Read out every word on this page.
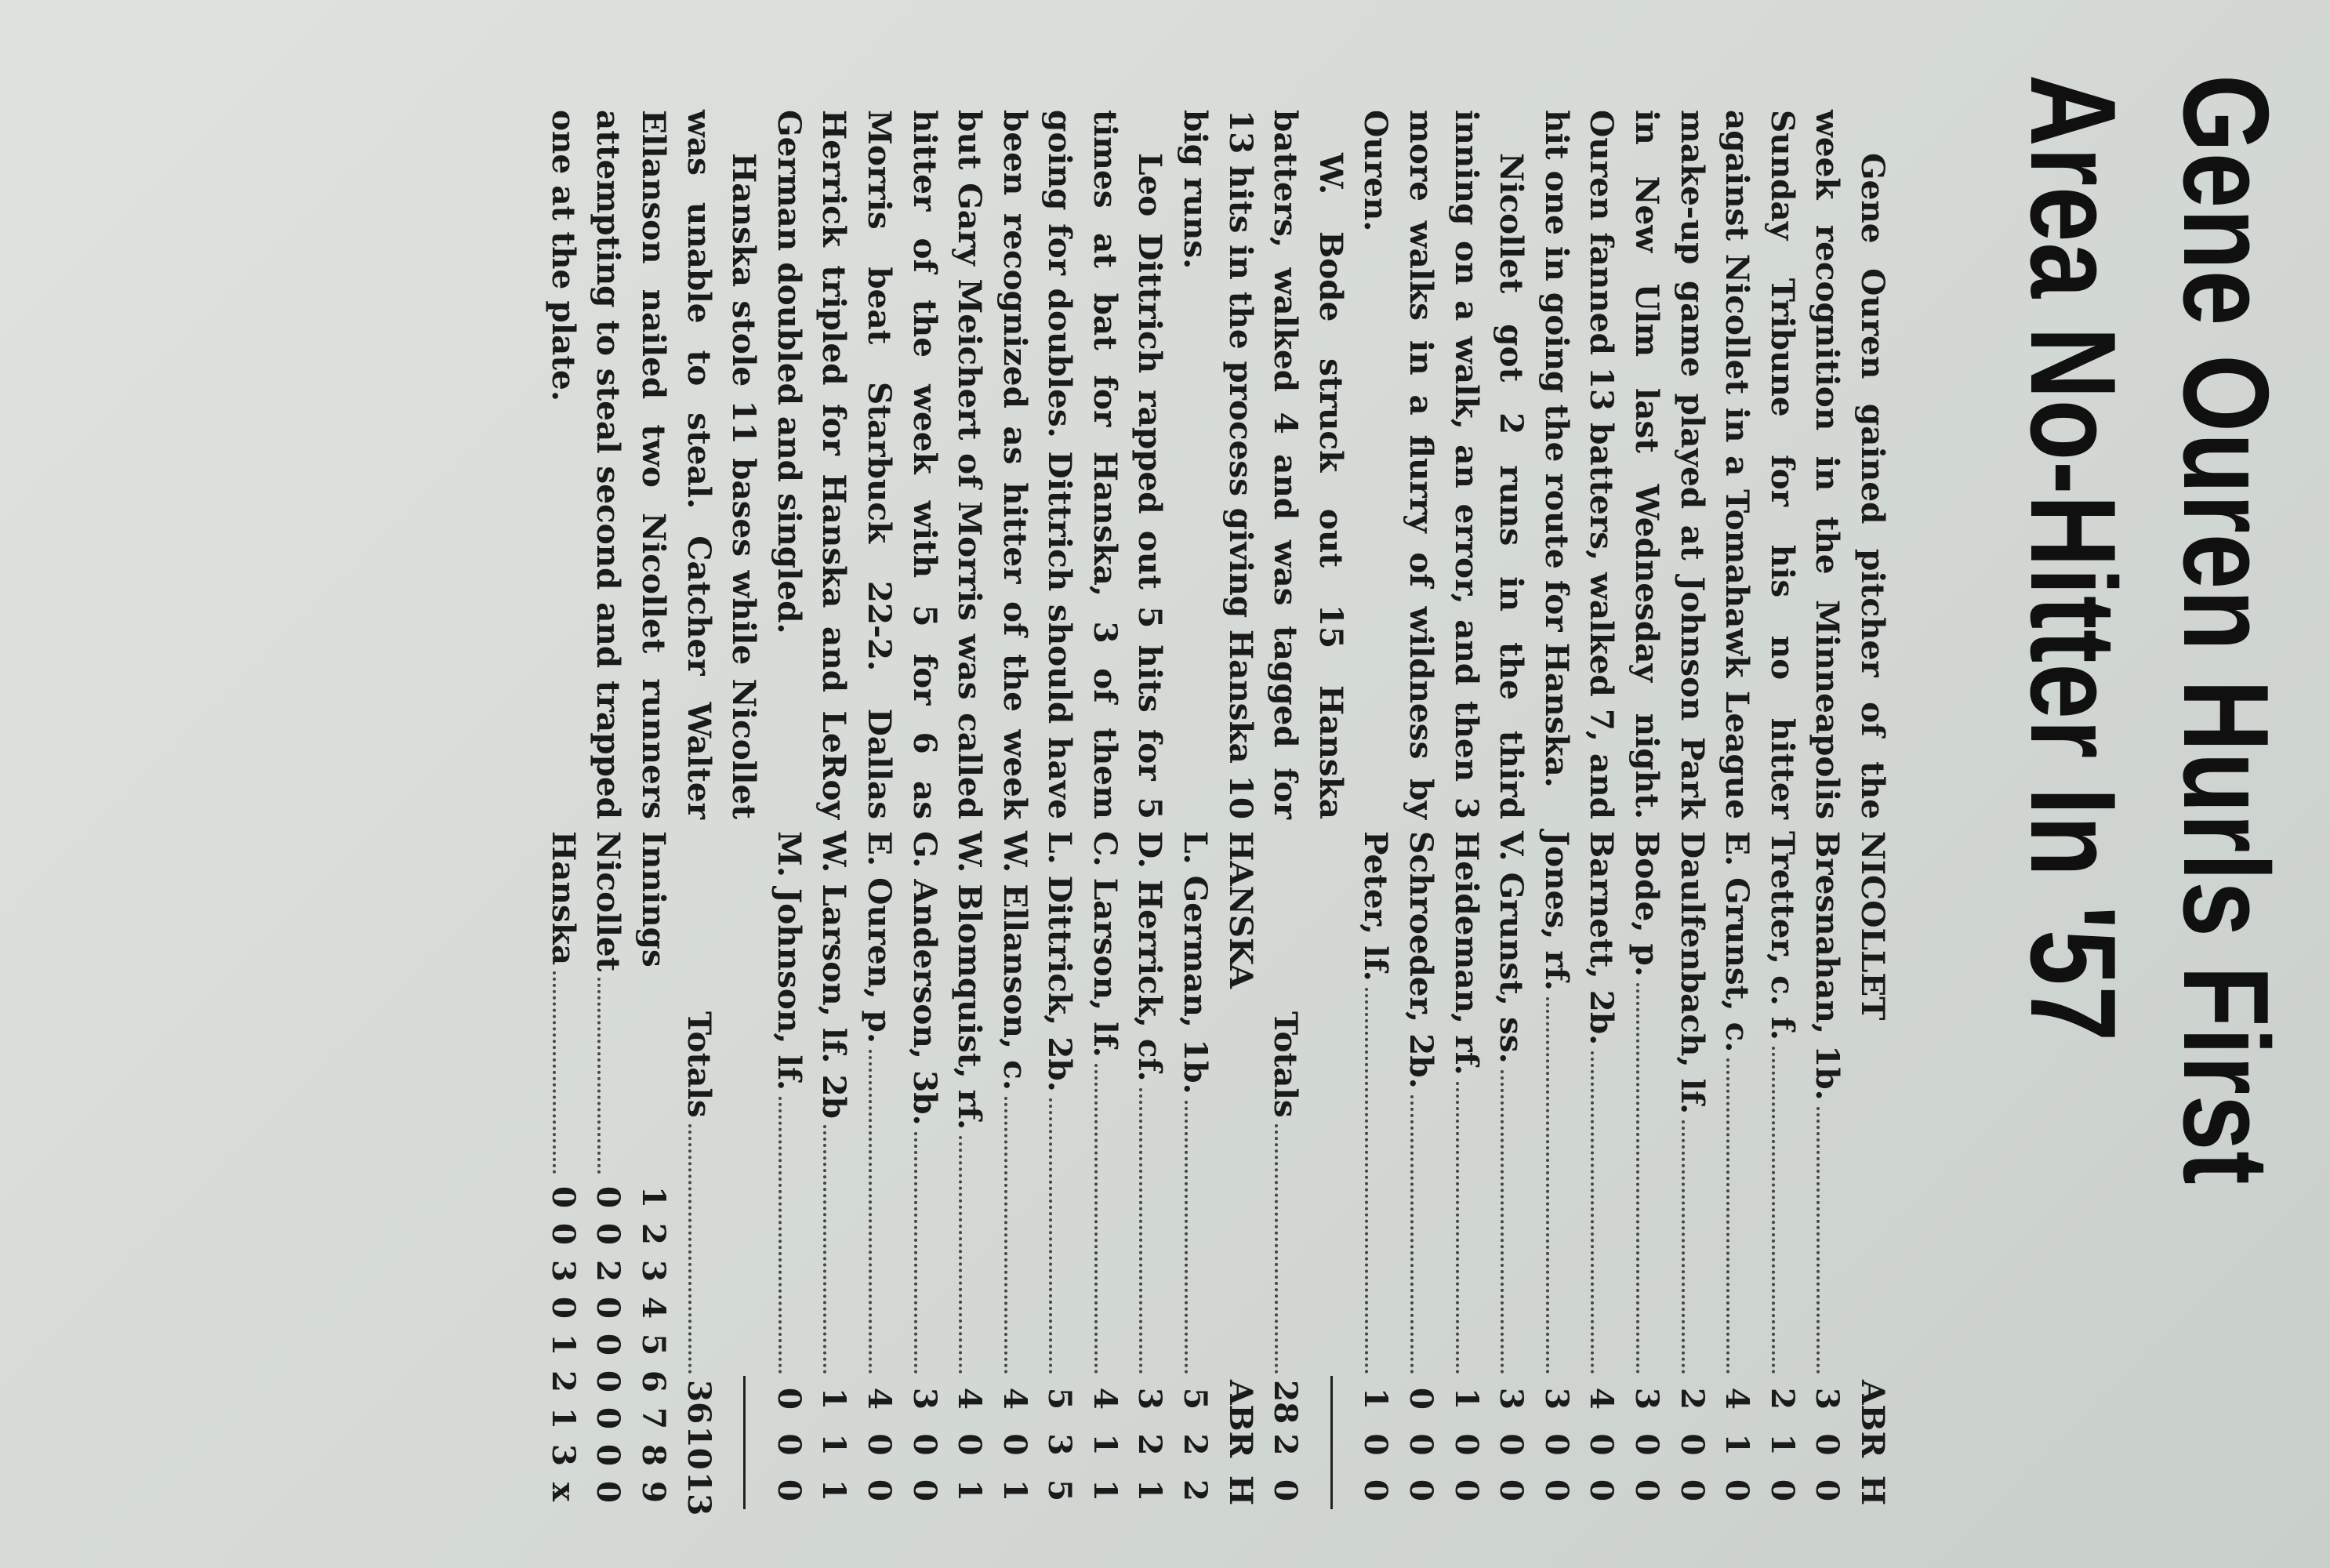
Gene Ouren Hurls First
Area No-Hitter In '57

Gene Ouren gained pitcher of the week recognition in the Minneapolis Sunday Tribune for his no hitter against Nicollet in a Tomahawk League make-up game played at Johnson Park in New Ulm last Wednesday night. Ouren fanned 13 batters, walked 7, and hit one in going the route for Hanska.

Nicollet got 2 runs in the third inning on a walk, an error, and then 3 more walks in a flurry of wildness by Ouren.

W. Bode struck out 15 Hanska batters, walked 4 and was tagged for 13 hits in the process giving Hanska 10 big runs.

Leo Dittrich rapped out 5 hits for 5 times at bat for Hanska, 3 of them going for doubles. Dittrich should have been recognized as hitter of the week but Gary Meichert of Morris was called hitter of the week with 5 for 6 as Morris beat Starbuck 22-2. Dallas Herrick tripled for Hanska and LeRoy German doubled and singled.

Hanska stole 11 bases while Nicollet was unable to steal. Catcher Walter Ellanson nailed two Nicollet runners attempting to steal second and trapped one at the plate.

NICOLLET
AB
R
H
Bresnahan, 1b.
3
0
0
Tretter, c. f.
2
1
0
E. Grunst, c.
4
1
0
Daulfenbach, lf.
2
0
0
Bode, p.
3
0
0
Barnett, 2b.
4
0
0
Jones, rf.
3
0
0
V. Grunst, ss.
3
0
0
Heideman, rf.
1
0
0
Schroeder, 2b.
0
0
0
Peter, lf.
1
0
0
Totals
28
2
0
HANSKA
AB
R
H
L. German, 1b.
5
2
2
D. Herrick, cf.
3
2
1
C. Larson, lf.
4
1
1
L. Dittrick, 2b.
5
3
5
W. Ellanson, c.
4
0
1
W. Blomquist, rf.
4
0
1
G. Anderson, 3b.
3
0
0
E. Ouren, p.
4
0
0
W. Larson, lf. 2b
1
1
1
M. Johnson, lf.
0
0
0
Totals
36
10
13
Innings
1
2
3
4
5
6
7
8
9
Nicollet
0
0
2
0
0
0
0
0
0
Hanska
0
0
3
0
1
2
1
3
x
